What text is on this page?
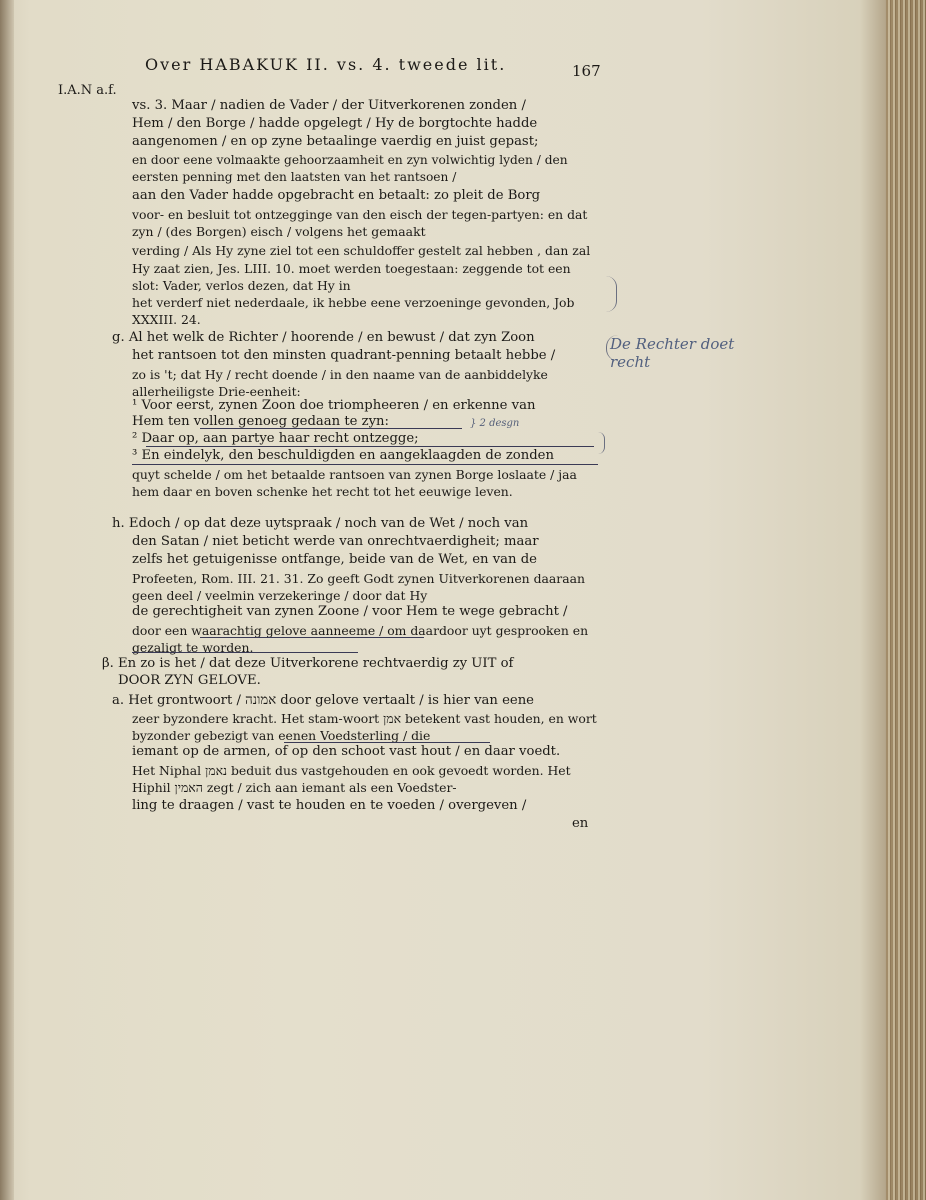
Over HABAKUK II. vs. 4. tweede lit.	167
I.A.N a.f.
vs. 3. Maar / nadien de Vader / der Uitverkorenen zonden /
Hem / den Borge / hadde opgelegt / Hy de borgtochte hadde
aangenomen / en op zyne betaalinge vaerdig en juist gepast;
en door eene volmaakte gehoorzaamheit en zyn volwichtig lyden / den eersten penning met den laatsten van het rantsoen /
aan den Vader hadde opgebracht en betaalt: zo pleit de Borg
voor- en besluit tot ontzegginge van den eisch der tegen-partyen: en dat zyn / (des Borgen) eisch / volgens het gemaakt
verding / Als Hy zyne ziel tot een schuldoffer gestelt zal hebben , dan zal Hy zaat zien, Jes. LIII. 10. moet werden toegestaan: zeggende tot een slot: Vader, verlos dezen, dat Hy in
het verderf niet nederdaale, ik hebbe eene verzoeninge gevonden, Job XXXIII. 24.
g. Al het welk de Richter / hoorende / en bewust / dat zyn Zoon
het rantsoen tot den minsten quadrant-penning betaalt hebbe /
zo is 't; dat Hy / recht doende / in den naame van de aanbiddelyke allerheiligste Drie-eenheit:
¹ Voor eerst, zynen Zoon doe triompheeren / en erkenne van
Hem ten vollen genoeg gedaan te zyn:
² Daar op, aan partye haar recht ontzegge;
³ En eindelyk, den beschuldigden en aangeklaagden de zonden
quyt schelde / om het betaalde rantsoen van zynen Borge loslaate / jaa hem daar en boven schenke het recht tot het eeuwige leven.
h. Edoch / op dat deze uytspraak / noch van de Wet / noch van
den Satan / niet beticht werde van onrechtvaerdigheit; maar
zelfs het getuigenisse ontfange, beide van de Wet, en van de
Profeeten, Rom. III. 21. 31. Zo geeft Godt zynen Uitverkorenen daaraan geen deel / veelmin verzekeringe / door dat Hy
de gerechtigheit van zynen Zoone / voor Hem te wege gebracht /
door een waarachtig gelove aanneeme / om daardoor uyt gesprooken en gezaligt te worden.
β. En zo is het / dat deze Uitverkorene rechtvaerdig zy UIT of
DOOR ZYN GELOVE.
a. Het grontwoort / אמונה door gelove vertaalt / is hier van eene
zeer byzondere kracht. Het stam-woort אמן betekent vast houden, en wort byzonder gebezigt van eenen Voedsterling / die
iemant op de armen, of op den schoot vast hout / en daar voedt.
Het Niphal נאמן beduit dus vastgehouden en ook gevoedt worden. Het Hiphil האמין zegt / zich aan iemant als een Voedster-
ling te draagen / vast te houden en te voeden / overgeven /
en
De Rechter doet recht
} 2 desgn
